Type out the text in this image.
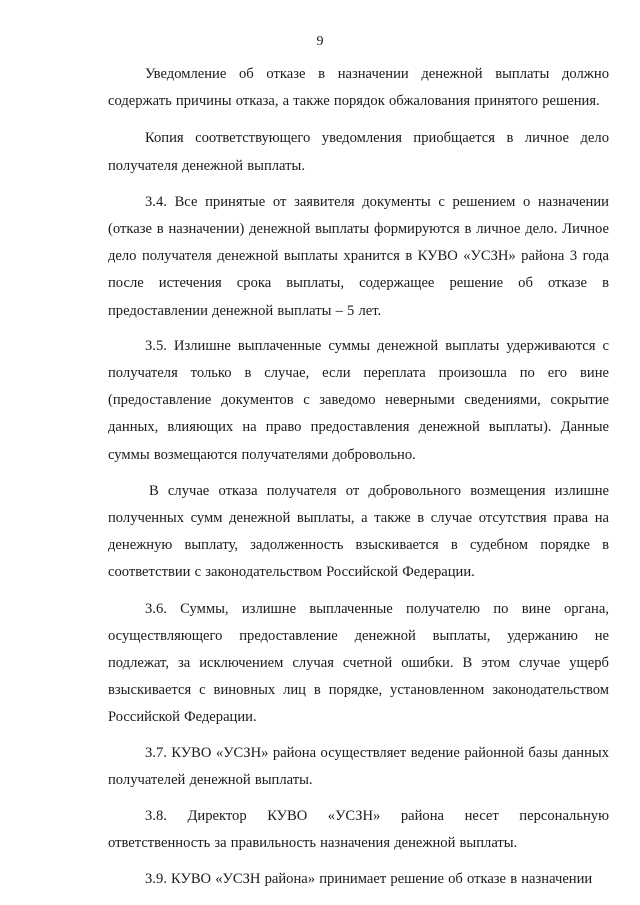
9

Уведомление об отказе в назначении денежной выплаты должно содержать причины отказа, а также порядок обжалования принятого решения.

Копия соответствующего уведомления приобщается в личное дело получателя денежной выплаты.

3.4. Все принятые от заявителя документы с решением о назначении (отказе в назначении) денежной выплаты формируются в личное дело. Личное дело получателя денежной выплаты хранится в КУВО «УСЗН» района 3 года после истечения срока выплаты, содержащее решение об отказе в предоставлении денежной выплаты – 5 лет.

3.5. Излишне выплаченные суммы денежной выплаты удерживаются с получателя только в случае, если переплата произошла по его вине (предоставление документов с заведомо неверными сведениями, сокрытие данных, влияющих на право предоставления денежной выплаты). Данные суммы возмещаются получателями добровольно.

В случае отказа получателя от добровольного возмещения излишне полученных сумм денежной выплаты, а также в случае отсутствия права на денежную выплату, задолженность взыскивается в судебном порядке в соответствии с законодательством Российской Федерации.

3.6. Суммы, излишне выплаченные получателю по вине органа, осуществляющего предоставление денежной выплаты, удержанию не подлежат, за исключением случая счетной ошибки. В этом случае ущерб взыскивается с виновных лиц в порядке, установленном законодательством Российской Федерации.

3.7. КУВО «УСЗН» района осуществляет ведение районной базы данных получателей денежной выплаты.

3.8. Директор КУВО «УСЗН» района несет персональную ответственность за правильность назначения денежной выплаты.

3.9. КУВО «УСЗН района» принимает решение об отказе в назначении
